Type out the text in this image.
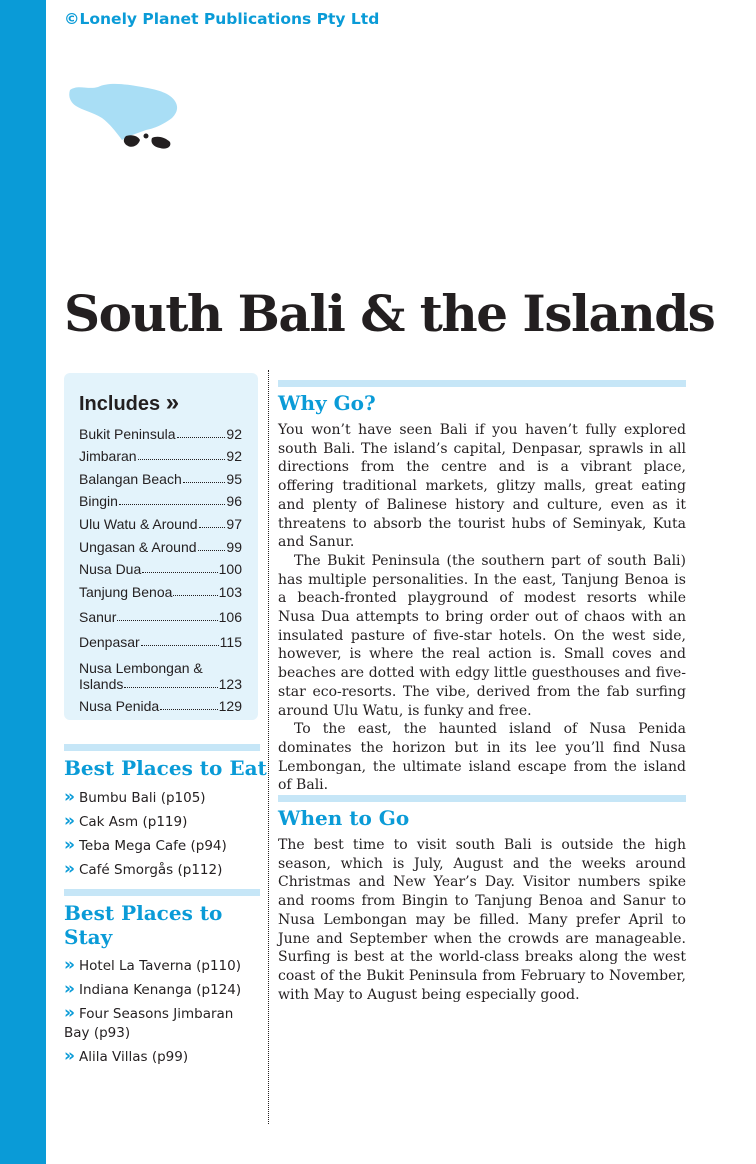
©Lonely Planet Publications Pty Ltd
South Bali & the Islands
Includes »
Bukit Peninsula	92
Jimbaran	92
Balangan Beach	95
Bingin	96
Ulu Watu & Around 97
Ungasan & Around 99
Nusa Dua	100
Tanjung Benoa	103
Sanur	106
Denpasar	115
Nusa Lembongan &
Islands	123
Nusa Penida	129
Best Places to Eat
» Bumbu Bali (p105)
» Cak Asm (p119)
» Teba Mega Cafe (p94)
» Café Smorgås (p112)
Best Places to
Stay
» Hotel La Taverna (p110)
» Indiana Kenanga (p124)
» Four Seasons Jimbaran Bay (p93)
» Alila Villas (p99)
Why Go?

You won’t have seen Bali if you haven’t fully explored south Bali. The island’s capital, Denpasar, sprawls in all directions from the centre and is a vibrant place, offering traditional markets, glitzy malls, great eating and plenty of Balinese history and culture, even as it threatens to absorb the tourist hubs of Seminyak, Kuta and Sanur.

The Bukit Peninsula (the southern part of south Bali) has multiple personalities. In the east, Tanjung Benoa is a beach-fronted playground of modest resorts while Nusa Dua attempts to bring order out of chaos with an insulated pasture of five-star hotels. On the west side, however, is where the real action is. Small coves and beaches are dotted with edgy little guesthouses and five-star eco-resorts. The vibe, derived from the fab surfing around Ulu Watu, is funky and free.

To the east, the haunted island of Nusa Penida dominates the horizon but in its lee you’ll find Nusa Lembongan, the ultimate island escape from the island of Bali.

When to Go

The best time to visit south Bali is outside the high season, which is July, August and the weeks around Christmas and New Year’s Day. Visitor numbers spike and rooms from Bingin to Tanjung Benoa and Sanur to Nusa Lembongan may be filled. Many prefer April to June and September when the crowds are manageable. Surfing is best at the world-class breaks along the west coast of the Bukit Peninsula from February to November, with May to August being especially good.
